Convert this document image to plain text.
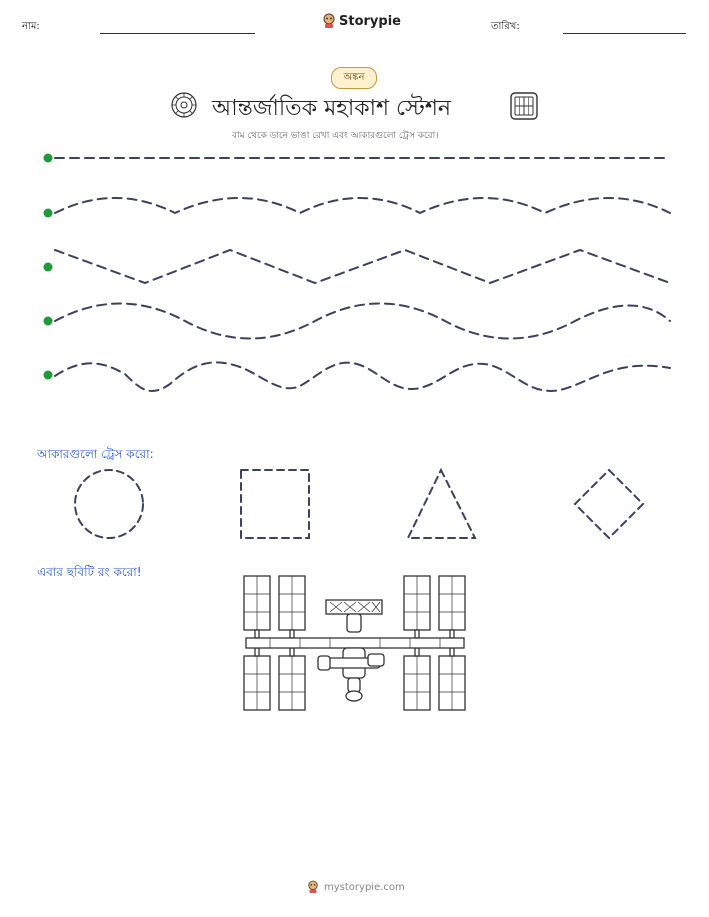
নাম:	Storypie	তারিখ:
অঙ্কন
আন্তর্জাতিক মহাকাশ স্টেশন
বাম থেকে ডানে ভাঙা রেখা এবং আকারগুলো ট্রেস করো।
আকারগুলো ট্রেস করো:
এবার ছবিটি রং করো!
mystorypie.com
